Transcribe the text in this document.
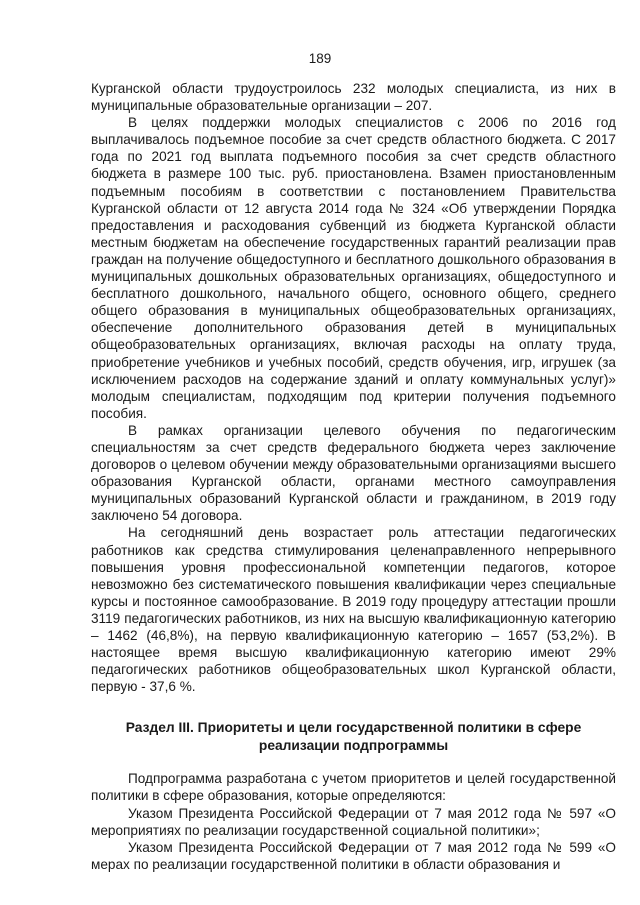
189

Курганской области трудоустроилось 232 молодых специалиста, из них в муниципальные образовательные организации – 207.

В целях поддержки молодых специалистов с 2006 по 2016 год выплачивалось подъемное пособие за счет средств областного бюджета. С 2017 года по 2021 год выплата подъемного пособия за счет средств областного бюджета в размере 100 тыс. руб. приостановлена. Взамен приостановленным подъемным пособиям в соответствии с постановлением Правительства Курганской области от 12 августа 2014 года № 324 «Об утверждении Порядка предоставления и расходования субвенций из бюджета Курганской области местным бюджетам на обеспечение государственных гарантий реализации прав граждан на получение общедоступного и бесплатного дошкольного образования в муниципальных дошкольных образовательных организациях, общедоступного и бесплатного дошкольного, начального общего, основного общего, среднего общего образования в муниципальных общеобразовательных организациях, обеспечение дополнительного образования детей в муниципальных общеобразовательных организациях, включая расходы на оплату труда, приобретение учебников и учебных пособий, средств обучения, игр, игрушек (за исключением расходов на содержание зданий и оплату коммунальных услуг)» молодым специалистам, подходящим под критерии получения подъемного пособия.

В рамках организации целевого обучения по педагогическим специальностям за счет средств федерального бюджета через заключение договоров о целевом обучении между образовательными организациями высшего образования Курганской области, органами местного самоуправления муниципальных образований Курганской области и гражданином, в 2019 году заключено 54 договора.

На сегодняшний день возрастает роль аттестации педагогических работников как средства стимулирования целенаправленного непрерывного повышения уровня профессиональной компетенции педагогов, которое невозможно без систематического повышения квалификации через специальные курсы и постоянное самообразование. В 2019 году процедуру аттестации прошли 3119 педагогических работников, из них на высшую квалификационную категорию – 1462 (46,8%), на первую квалификационную категорию – 1657 (53,2%). В настоящее время высшую квалификационную категорию имеют 29% педагогических работников общеобразовательных школ Курганской области, первую - 37,6 %.

Раздел III. Приоритеты и цели государственной политики в сфере реализации подпрограммы

Подпрограмма разработана с учетом приоритетов и целей государственной политики в сфере образования, которые определяются:

Указом Президента Российской Федерации от 7 мая 2012 года № 597 «О мероприятиях по реализации государственной социальной политики»;

Указом Президента Российской Федерации от 7 мая 2012 года № 599 «О мерах по реализации государственной политики в области образования и
